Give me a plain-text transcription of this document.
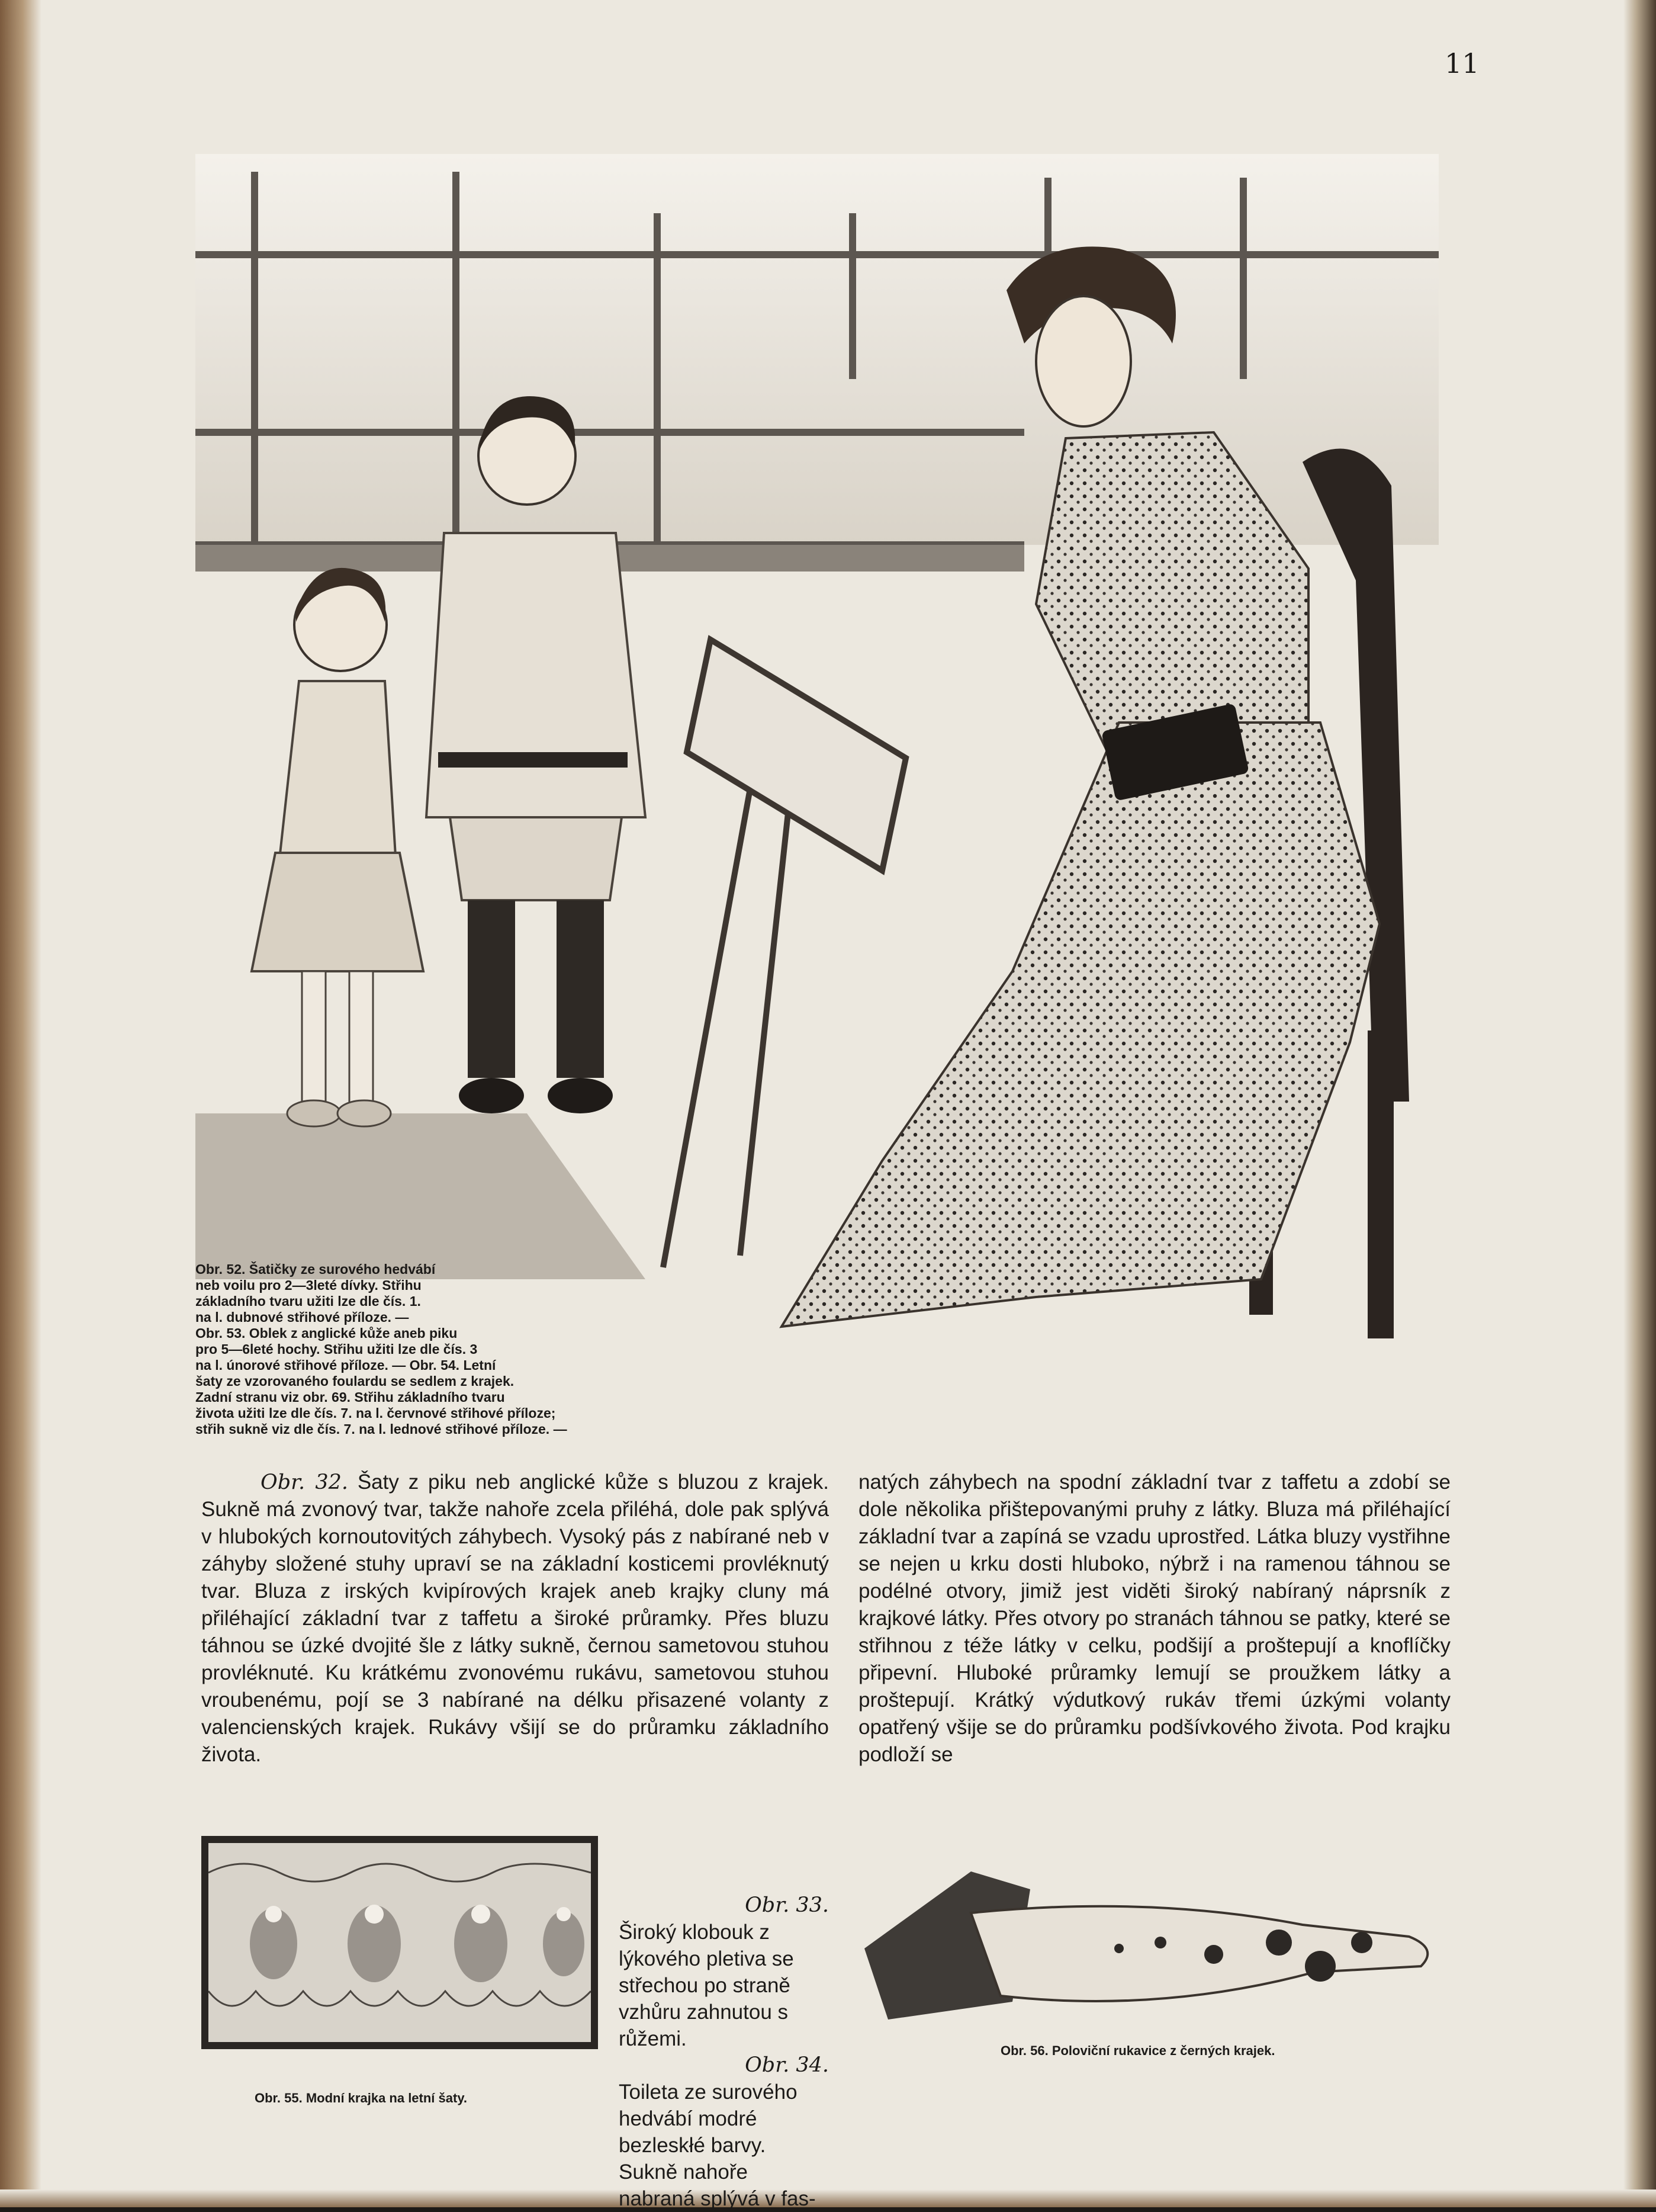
11
Obr. 52. Šatičky ze surového hedvábí
neb voilu pro 2—3leté dívky. Střihu
základního tvaru užiti lze dle čís. 1.
na l. dubnové střihové příloze. —
Obr. 53. Oblek z anglické kůže aneb piku
pro 5—6leté hochy. Střihu užiti lze dle čís. 3
na l. únorové střihové příloze. — Obr. 54. Letní
šaty ze vzorovaného foulardu se sedlem z krajek.
Zadní stranu viz obr. 69. Střihu základního tvaru
života užiti lze dle čís. 7. na l. červnové střihové příloze;
střih sukně viz dle čís. 7. na l. lednové střihové příloze. —

Obr. 32. Šaty z piku neb anglické kůže s bluzou z krajek. Sukně má zvonový tvar, takže nahoře zcela přiléhá, dole pak splývá v hlubokých kornoutovitých záhybech. Vysoký pás z nabírané neb v záhyby složené stuhy upraví se na základní kosticemi provléknutý tvar. Bluza z irských kvipírových krajek aneb krajky cluny má přiléhající základní tvar z taffetu a široké průramky. Přes bluzu táhnou se úzké dvojité šle z látky sukně, černou sametovou stuhou provléknuté. Ku krátkému zvonovému rukávu, sametovou stuhou vroubenému, pojí se 3 nabírané na délku přisazené volanty z valencienských krajek. Rukávy všijí se do průramku základního života.

natých záhybech na spodní základní tvar z taffetu a zdobí se dole několika přištepovanými pruhy z látky. Bluza má přiléhající základní tvar a zapíná se vzadu uprostřed. Látka bluzy vystřihne se nejen u krku dosti hluboko, nýbrž i na ramenou táhnou se podélné otvory, jimiž jest viděti široký nabíraný náprsník z krajkové látky. Přes otvory po stranách táhnou se patky, které se střihnou z téže látky v celku, podšijí a proštepují a knoflíčky připevní. Hluboké průramky lemují se proužkem látky a proštepují. Krátký výdutkový rukáv třemi úzkými volanty opatřený všije se do průramku podšívkového života. Pod krajku podloží se

Obr. 33.
Široký klobouk z lýkového pletiva se střechou po straně vzhůru zahnutou s růžemi.

Obr. 34.
Toileta ze surového hedvábí modré bezleskłé barvy. Sukně nahoře nabraná splývá v fas-

Obr. 55. Modní krajka na letní šaty.
Obr. 56. Poloviční rukavice z černých krajek.
